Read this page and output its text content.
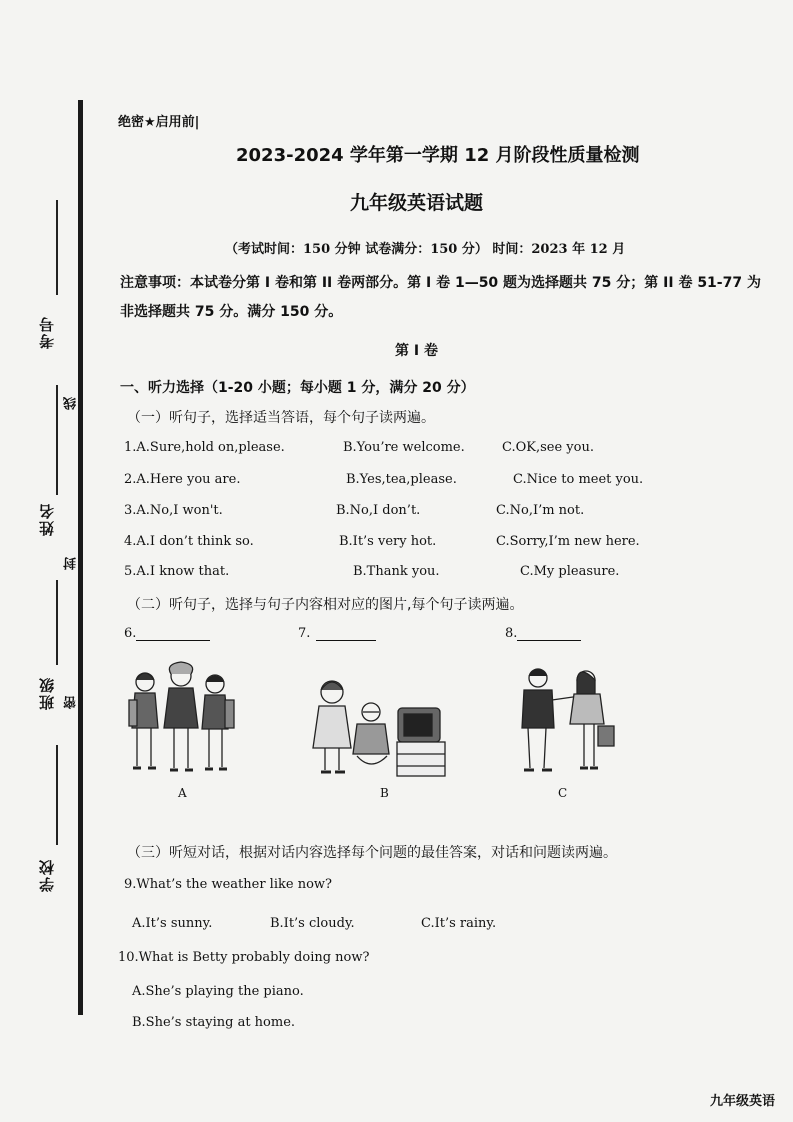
考号
线
姓名
封
班级 密
学校
绝密★启用前|
2023-2024 学年第一学期 12 月阶段性质量检测
九年级英语试题
（考试时间：150 分钟 试卷满分：150 分） 时间：2023 年 12 月
注意事项：本试卷分第 I 卷和第 II 卷两部分。第 I 卷 1—50 题为选择题共 75 分；第 II 卷 51-77 为
非选择题共 75 分。满分 150 分。
第 I 卷
一、听力选择（1-20 小题；每小题 1 分，满分 20 分）
（一）听句子，选择适当答语，每个句子读两遍。
1.A.Sure,hold on,please.	B.You’re welcome.	C.OK,see you.
2.A.Here you are.	B.Yes,tea,please.	C.Nice to meet you.
3.A.No,I won't.	B.No,I don’t.	C.No,I’m not.
4.A.I don’t think so.	B.It’s very hot.	C.Sorry,I’m new here.
5.A.I know that.	B.Thank you.	C.My pleasure.
（二）听句子，选择与句子内容相对应的图片,每个句子读两遍。
6.	7.	8.
A	B	C
（三）听短对话，根据对话内容选择每个问题的最佳答案，对话和问题读两遍。
9.What’s the weather like now?
A.It’s sunny.	B.It’s cloudy.	C.It’s rainy.
10.What is Betty probably doing now?
A.She’s playing the piano.
B.She’s staying at home.
九年级英语
